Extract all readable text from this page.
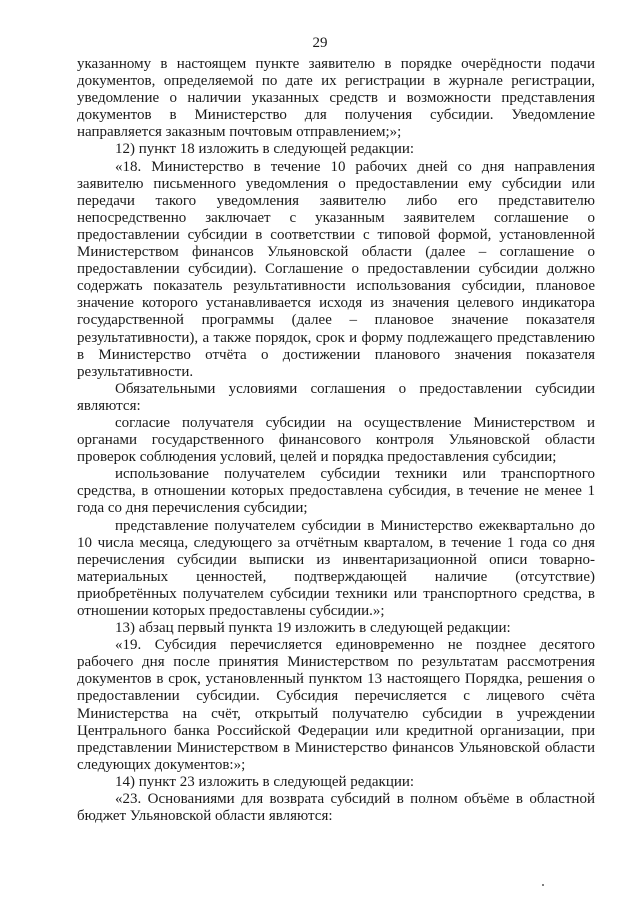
29

указанному в настоящем пункте заявителю в порядке очерёдности подачи документов, определяемой по дате их регистрации в журнале регистрации, уведомление о наличии указанных средств и возможности представления документов в Министерство для получения субсидии. Уведомление направляется заказным почтовым отправлением;»;

12) пункт 18 изложить в следующей редакции:

«18. Министерство в течение 10 рабочих дней со дня направления заявителю письменного уведомления о предоставлении ему субсидии или передачи такого уведомления заявителю либо его представителю непосредственно заключает с указанным заявителем соглашение о предоставлении субсидии в соответствии с типовой формой, установленной Министерством финансов Ульяновской области (далее – соглашение о предоставлении субсидии). Соглашение о предоставлении субсидии должно содержать показатель результативности использования субсидии, плановое значение которого устанавливается исходя из значения целевого индикатора государственной программы (далее – плановое значение показателя результативности), а также порядок, срок и форму подлежащего представлению в Министерство отчёта о достижении планового значения показателя результативности.

Обязательными условиями соглашения о предоставлении субсидии являются:

согласие получателя субсидии на осуществление Министерством и органами государственного финансового контроля Ульяновской области проверок соблюдения условий, целей и порядка предоставления субсидии;

использование получателем субсидии техники или транспортного средства, в отношении которых предоставлена субсидия, в течение не менее 1 года со дня перечисления субсидии;

представление получателем субсидии в Министерство ежеквартально до 10 числа месяца, следующего за отчётным кварталом, в течение 1 года со дня перечисления субсидии выписки из инвентаризационной описи товарно-материальных ценностей, подтверждающей наличие (отсутствие) приобретённых получателем субсидии техники или транспортного средства, в отношении которых предоставлены субсидии.»;

13) абзац первый пункта 19 изложить в следующей редакции:

«19. Субсидия перечисляется единовременно не позднее десятого рабочего дня после принятия Министерством по результатам рассмотрения документов в срок, установленный пунктом 13 настоящего Порядка, решения о предоставлении субсидии. Субсидия перечисляется с лицевого счёта Министерства на счёт, открытый получателю субсидии в учреждении Центрального банка Российской Федерации или кредитной организации, при представлении Министерством в Министерство финансов Ульяновской области следующих документов:»;

14) пункт 23 изложить в следующей редакции:

«23. Основаниями для возврата субсидий в полном объёме в областной бюджет Ульяновской области являются:
